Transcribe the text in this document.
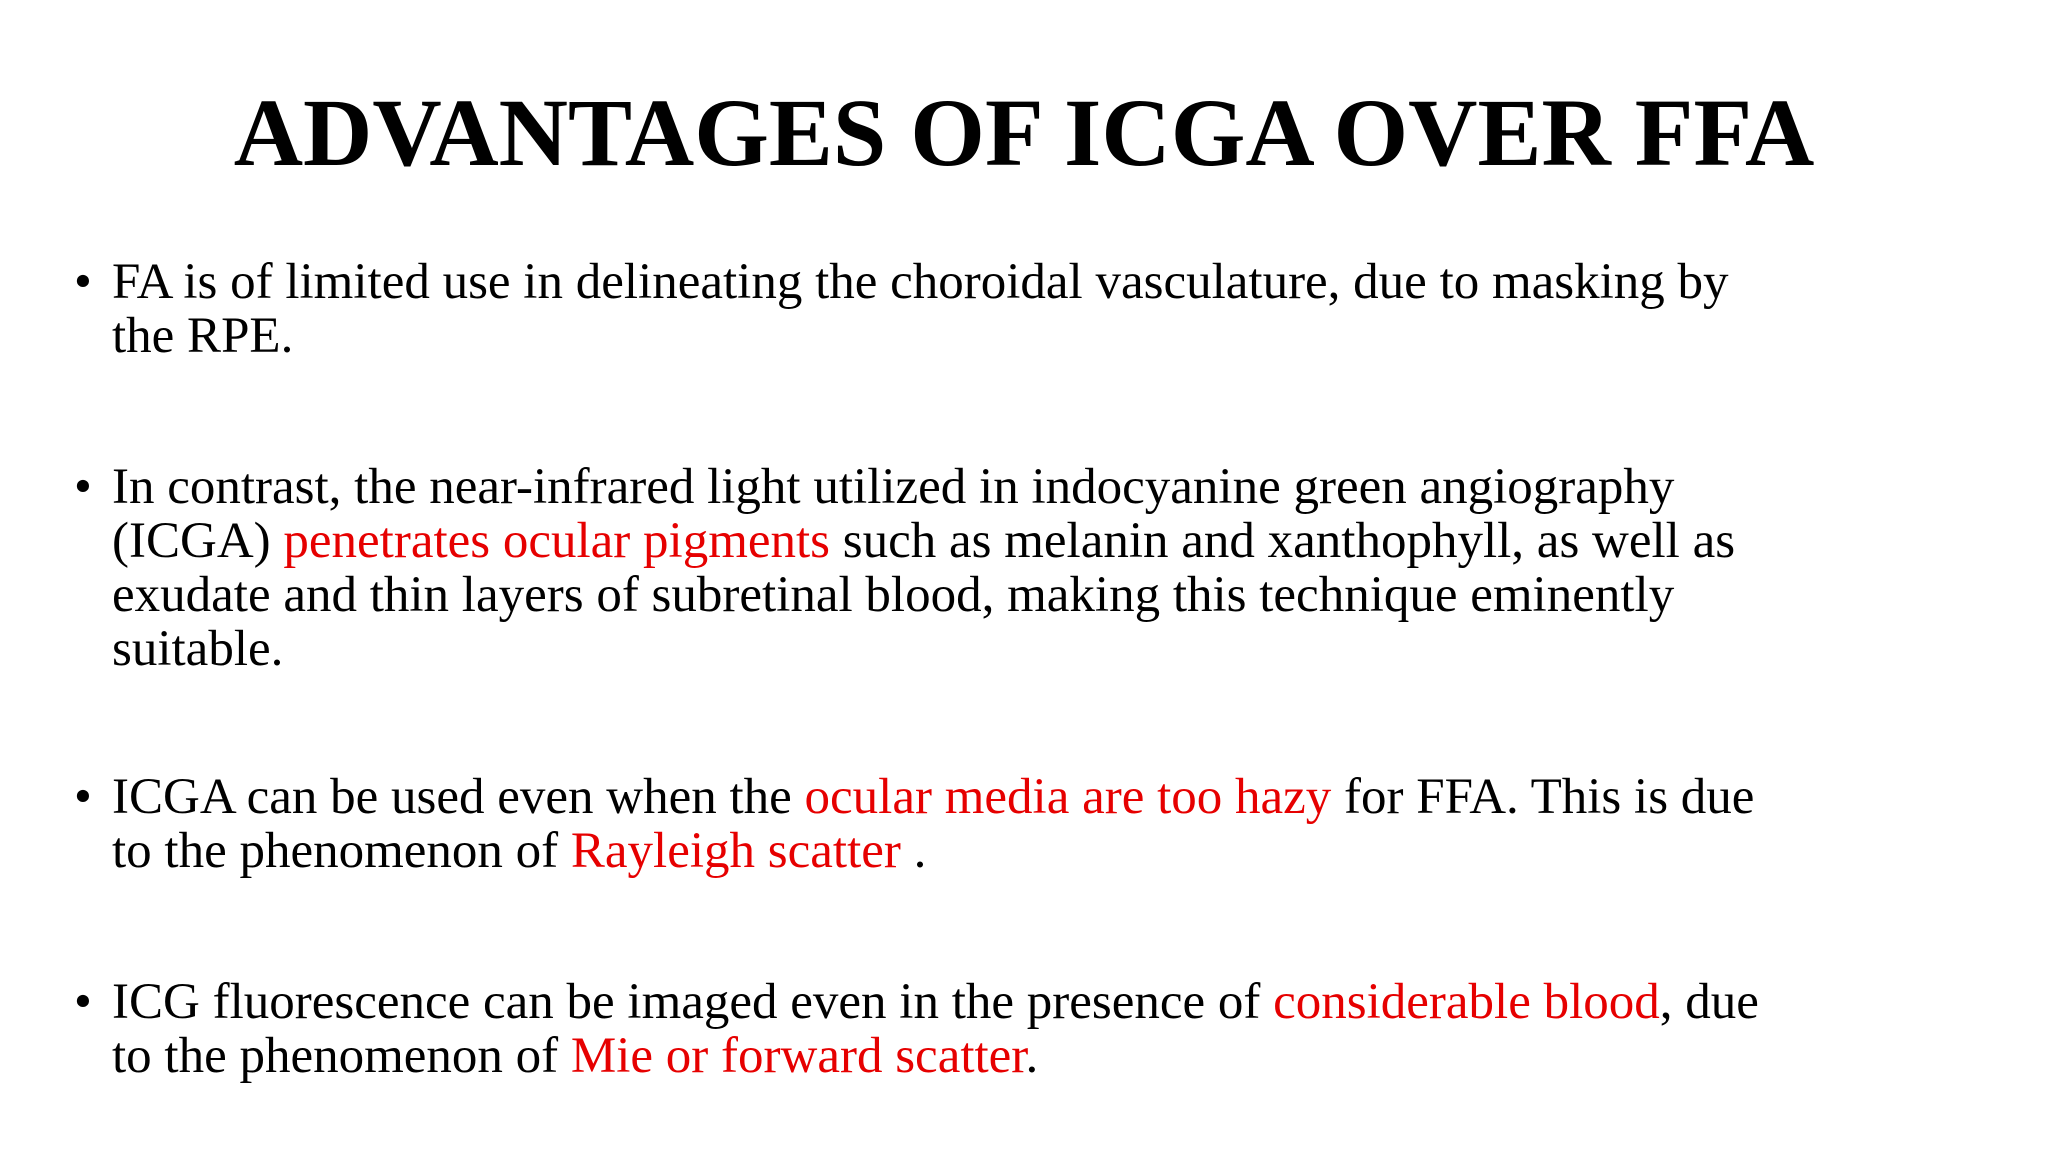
ADVANTAGES OF ICGA OVER FFA
• FA is of limited use in delineating the choroidal vasculature, due to masking by
the RPE.
• In contrast, the near-infrared light utilized in indocyanine green angiography
(ICGA) penetrates ocular pigments such as melanin and xanthophyll, as well as
exudate and thin layers of subretinal blood, making this technique eminently
suitable.
• ICGA can be used even when the ocular media are too hazy for FFA. This is due
to the phenomenon of Rayleigh scatter .
• ICG fluorescence can be imaged even in the presence of considerable blood, due
to the phenomenon of Mie or forward scatter.
